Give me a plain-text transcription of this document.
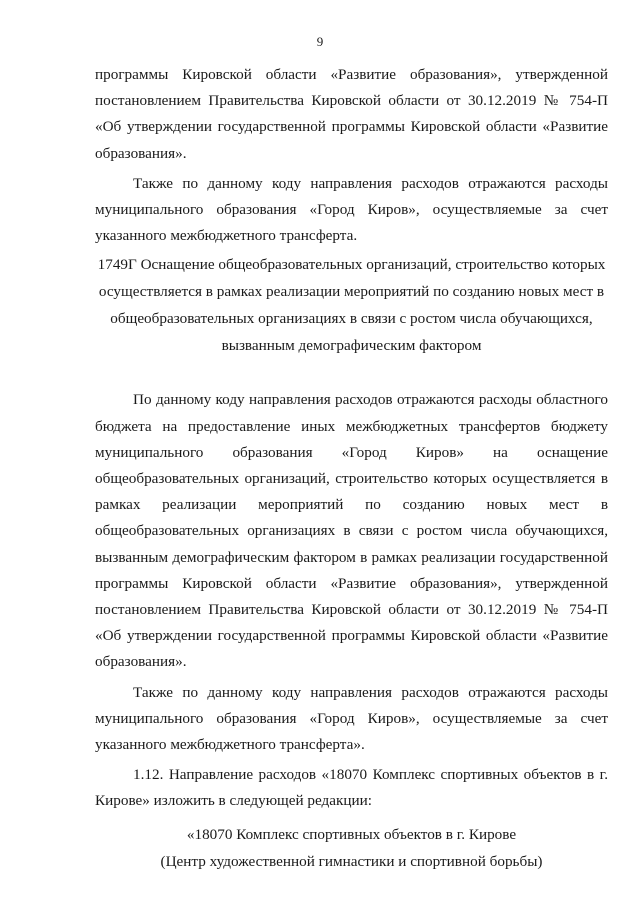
9

программы Кировской области «Развитие образования», утвержденной постановлением Правительства Кировской области от 30.12.2019 № 754-П «Об утверждении государственной программы Кировской области «Развитие образования».

Также по данному коду направления расходов отражаются расходы муниципального образования «Город Киров», осуществляемые за счет указанного межбюджетного трансферта.

1749Г Оснащение общеобразовательных организаций, строительство которых осуществляется в рамках реализации мероприятий по созданию новых мест в общеобразовательных организациях в связи с ростом числа обучающихся, вызванным демографическим фактором

По данному коду направления расходов отражаются расходы областного бюджета на предоставление иных межбюджетных трансфертов бюджету муниципального образования «Город Киров» на оснащение общеобразовательных организаций, строительство которых осуществляется в рамках реализации мероприятий по созданию новых мест в общеобразовательных организациях в связи с ростом числа обучающихся, вызванным демографическим фактором в рамках реализации государственной программы Кировской области «Развитие образования», утвержденной постановлением Правительства Кировской области от 30.12.2019 № 754-П «Об утверждении государственной программы Кировской области «Развитие образования».

Также по данному коду направления расходов отражаются расходы муниципального образования «Город Киров», осуществляемые за счет указанного межбюджетного трансферта».

1.12. Направление расходов «18070 Комплекс спортивных объектов в г. Кирове» изложить в следующей редакции:

«18070 Комплекс спортивных объектов в г. Кирове

(Центр художественной гимнастики и спортивной борьбы)
